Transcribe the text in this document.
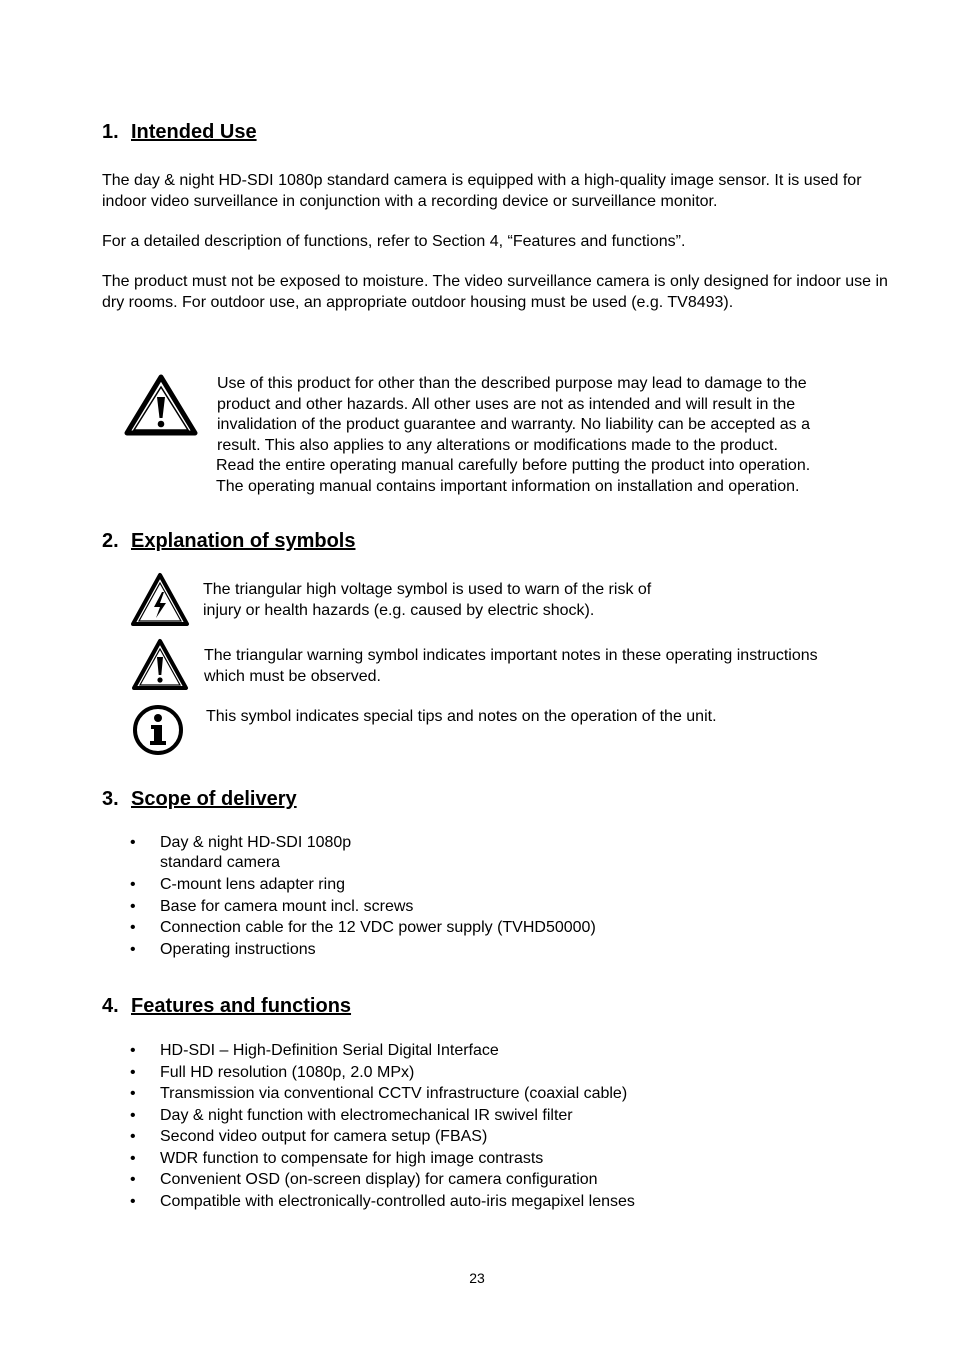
1. Intended Use

The day & night HD-SDI 1080p standard camera is equipped with a high-quality image sensor. It is used for indoor video surveillance in conjunction with a recording device or surveillance monitor.

For a detailed description of functions, refer to Section 4, “Features and functions”.

The product must not be exposed to moisture. The video surveillance camera is only designed for indoor use in dry rooms. For outdoor use, an appropriate outdoor housing must be used (e.g. TV8493).

Use of this product for other than the described purpose may lead to damage to the
product and other hazards. All other uses are not as intended and will result in the
invalidation of the product guarantee and warranty. No liability can be accepted as a
result. This also applies to any alterations or modifications made to the product.
Read the entire operating manual carefully before putting the product into operation.
The operating manual contains important information on installation and operation.
2. Explanation of symbols
The triangular high voltage symbol is used to warn of the risk of
injury or health hazards (e.g. caused by electric shock).
The triangular warning symbol indicates important notes in these operating instructions
which must be observed.

This symbol indicates special tips and notes on the operation of the unit.

3. Scope of delivery
• Day & night HD-SDI 1080p
standard camera
• C-mount lens adapter ring
• Base for camera mount incl. screws
• Connection cable for the 12 VDC power supply (TVHD50000)
• Operating instructions
4. Features and functions
• HD-SDI – High-Definition Serial Digital Interface
• Full HD resolution (1080p, 2.0 MPx)
• Transmission via conventional CCTV infrastructure (coaxial cable)
• Day & night function with electromechanical IR swivel filter
• Second video output for camera setup (FBAS)
• WDR function to compensate for high image contrasts
• Convenient OSD (on-screen display) for camera configuration
• Compatible with electronically-controlled auto-iris megapixel lenses

23
